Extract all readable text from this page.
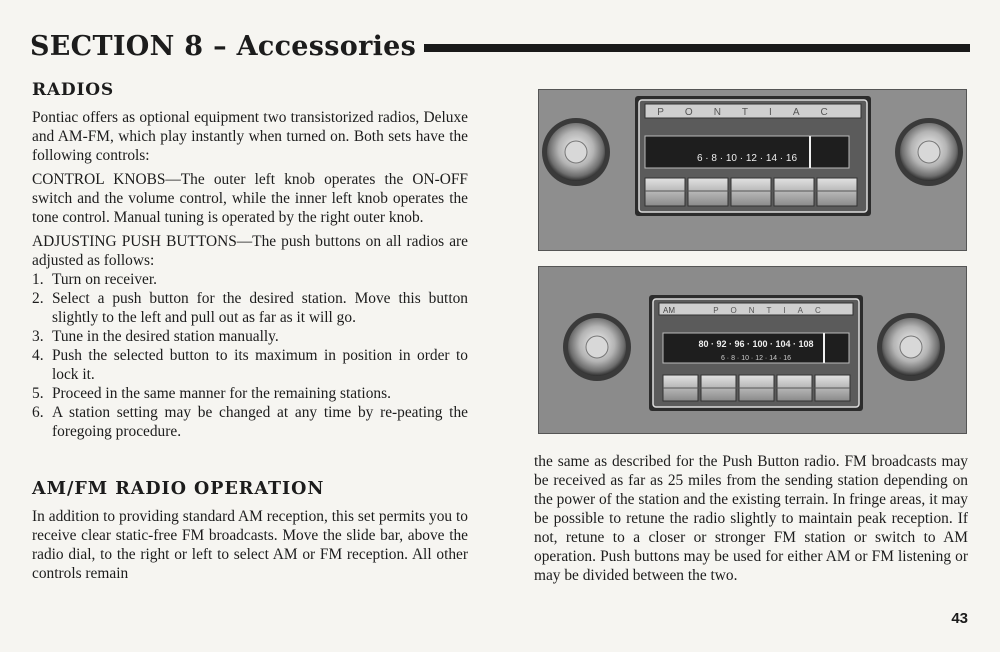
SECTION 8 – Accessories
RADIOS

Pontiac offers as optional equipment two transistorized radios, Deluxe and AM-FM, which play instantly when turned on. Both sets have the following controls:

CONTROL KNOBS—The outer left knob operates the ON-OFF switch and the volume control, while the inner left knob operates the tone control. Manual tuning is operated by the right outer knob.

ADJUSTING PUSH BUTTONS—The push buttons on all radios are adjusted as follows:

1. Turn on receiver.
2. Select a push button for the desired station. Move this button slightly to the left and pull out as far as it will go.
3. Tune in the desired station manually.
4. Push the selected button to its maximum in position in order to lock it.
5. Proceed in the same manner for the remaining stations.
6. A station setting may be changed at any time by re-peating the foregoing procedure.
AM/FM RADIO OPERATION

In addition to providing standard AM reception, this set permits you to receive clear static-free FM broadcasts. Move the slide bar, above the radio dial, to the right or left to select AM or FM reception. All other controls remain

PONTIAC
6 · 8 · 10 · 12 · 14 · 16
AM	PONTIAC
80 · 92 · 96 · 100 · 104 · 108
6 · 8 · 10 · 12 · 14 · 16

the same as described for the Push Button radio. FM broadcasts may be received as far as 25 miles from the sending station depending on the power of the station and the existing terrain. In fringe areas, it may be possible to retune the radio slightly to maintain peak reception. If not, retune to a closer or stronger FM station or switch to AM operation. Push buttons may be used for either AM or FM listening or may be divided between the two.

43
